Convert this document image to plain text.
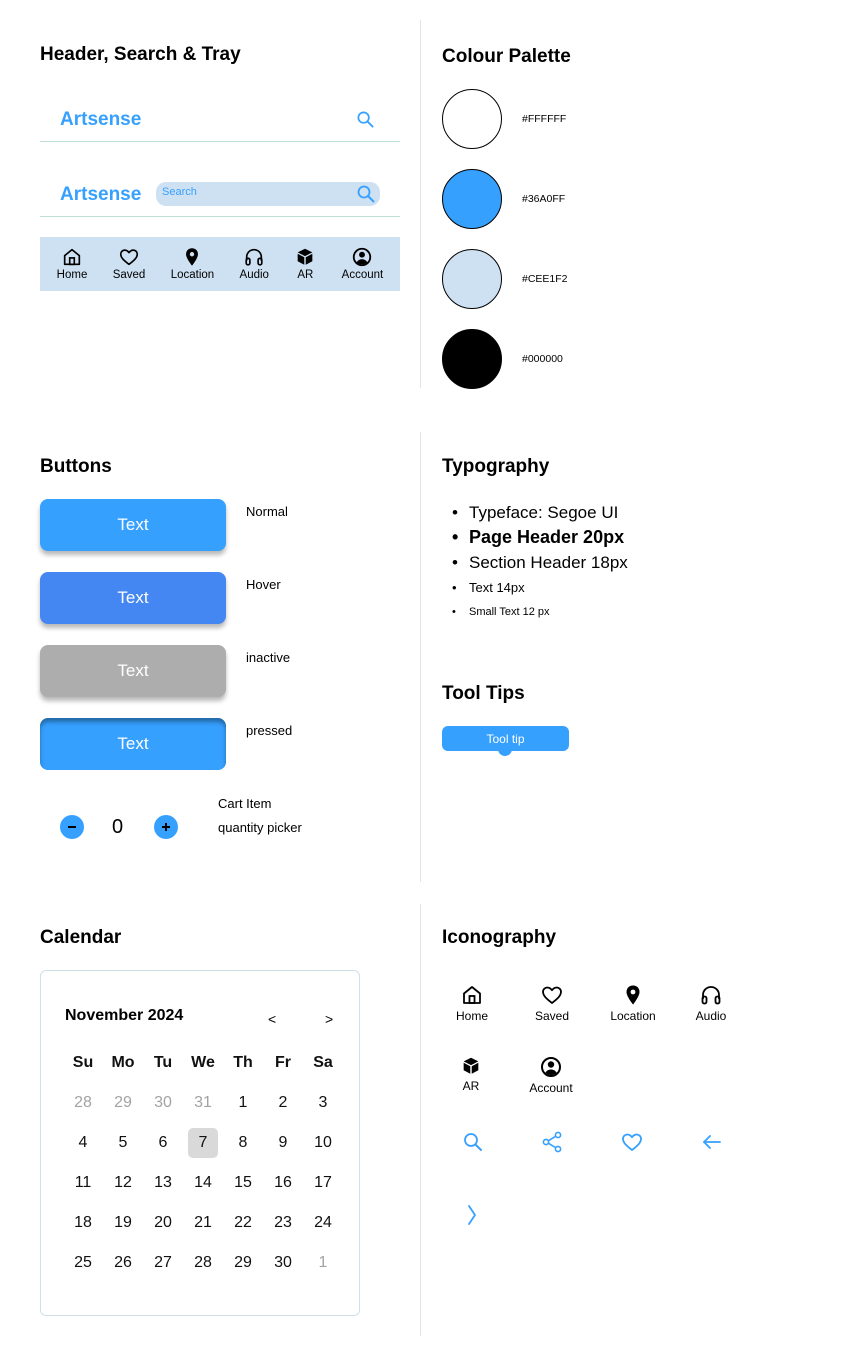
Header, Search & Tray
Artsense
Artsense Search
Home Saved Location Audio AR Account
Colour Palette
#FFFFFF
#36A0FF
#CEE1F2
#000000
Buttons
Text
Normal
Text
Hover
Text
inactive
Text
pressed
0
Cart Item
quantity picker
Typography
• Typeface: Segoe UI
• Page Header 20px
• Section Header 18px
• Text 14px
• Small Text 12 px
Tool Tips
Tool tip
Calendar
November 2024	<	>
Su	Mo	Tu	We	Th	Fr	Sa
28	29	30	31	1	2	3
4	5	6	7	8	9	10
11	12	13	14	15	16	17
18	19	20	21	22	23	24
25	26	27	28	29	30	1
Iconography
Home	Saved	Location	Audio
AR	Account
